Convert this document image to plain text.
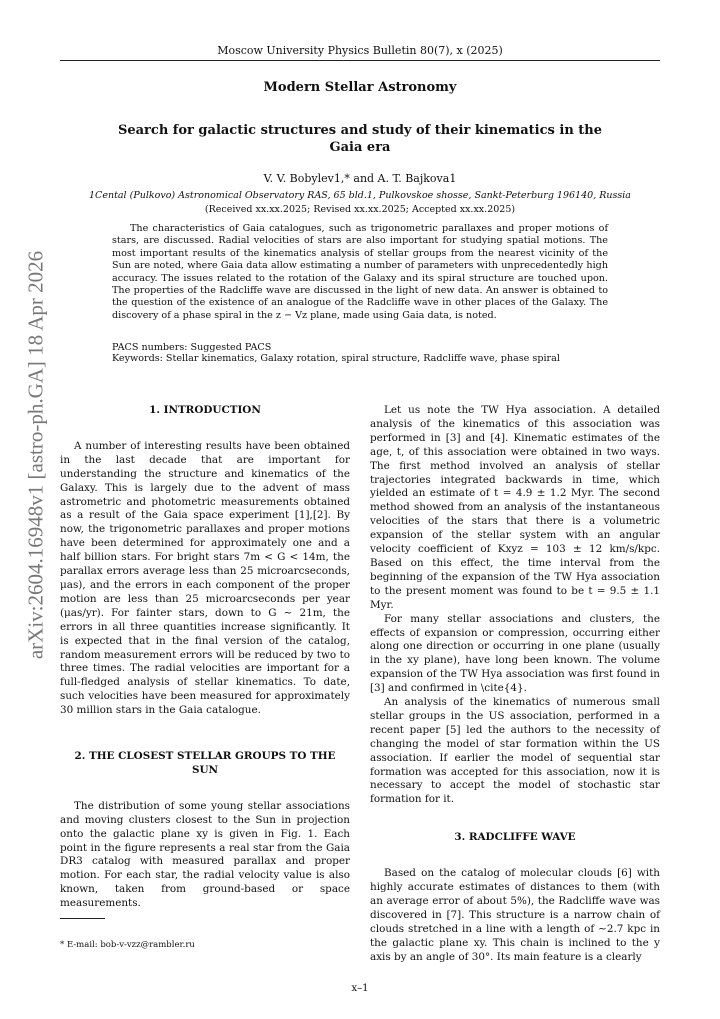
Moscow University Physics Bulletin 80(7), x (2025)
Modern Stellar Astronomy
Search for galactic structures and study of their kinematics in the Gaia era
V. V. Bobylev1,* and A. T. Bajkova1
1Cental (Pulkovo) Astronomical Observatory RAS, 65 bld.1, Pulkovskoe shosse, Sankt-Peterburg 196140, Russia
(Received xx.xx.2025; Revised xx.xx.2025; Accepted xx.xx.2025)
The characteristics of Gaia catalogues, such as trigonometric parallaxes and proper motions of stars, are discussed. Radial velocities of stars are also important for studying spatial motions. The most important results of the kinematics analysis of stellar groups from the nearest vicinity of the Sun are noted, where Gaia data allow estimating a number of parameters with unprecedentedly high accuracy. The issues related to the rotation of the Galaxy and its spiral structure are touched upon. The properties of the Radcliffe wave are discussed in the light of new data. An answer is obtained to the question of the existence of an analogue of the Radcliffe wave in other places of the Galaxy. The discovery of a phase spiral in the z − Vz plane, made using Gaia data, is noted.
PACS numbers: Suggested PACS
Keywords: Stellar kinematics, Galaxy rotation, spiral structure, Radcliffe wave, phase spiral
1. INTRODUCTION

A number of interesting results have been obtained in the last decade that are important for understanding the structure and kinematics of the Galaxy. This is largely due to the advent of mass astrometric and photometric measurements obtained as a result of the Gaia space experiment [1],[2]. By now, the trigonometric parallaxes and proper motions have been determined for approximately one and a half billion stars. For bright stars 7m < G < 14m, the parallax errors average less than 25 microarcseconds, μas), and the errors in each component of the proper motion are less than 25 microarcseconds per year (μas/yr). For fainter stars, down to G ∼ 21m, the errors in all three quantities increase significantly. It is expected that in the final version of the catalog, random measurement errors will be reduced by two to three times. The radial velocities are important for a full-fledged analysis of stellar kinematics. To date, such velocities have been measured for approximately 30 million stars in the Gaia catalogue.

2. THE CLOSEST STELLAR GROUPS TO THE SUN

The distribution of some young stellar associations and moving clusters closest to the Sun in projection onto the galactic plane xy is given in Fig. 1. Each point in the figure represents a real star from the Gaia DR3 catalog with measured parallax and proper motion. For each star, the radial velocity value is also known, taken from ground-based or space measurements.

Let us note the TW Hya association. A detailed analysis of the kinematics of this association was performed in [3] and [4]. Kinematic estimates of the age, t, of this association were obtained in two ways. The first method involved an analysis of stellar trajectories integrated backwards in time, which yielded an estimate of t = 4.9 ± 1.2 Myr. The second method showed from an analysis of the instantaneous velocities of the stars that there is a volumetric expansion of the stellar system with an angular velocity coefficient of Kxyz = 103 ± 12 km/s/kpc. Based on this effect, the time interval from the beginning of the expansion of the TW Hya association to the present moment was found to be t = 9.5 ± 1.1 Myr.

For many stellar associations and clusters, the effects of expansion or compression, occurring either along one direction or occurring in one plane (usually in the xy plane), have long been known. The volume expansion of the TW Hya association was first found in [3] and confirmed in \cite{4}.

An analysis of the kinematics of numerous small stellar groups in the US association, performed in a recent paper [5] led the authors to the necessity of changing the model of star formation within the US association. If earlier the model of sequential star formation was accepted for this association, now it is necessary to accept the model of stochastic star formation for it.

3. RADCLIFFE WAVE

Based on the catalog of molecular clouds [6] with highly accurate estimates of distances to them (with an average error of about 5%), the Radcliffe wave was discovered in [7]. This structure is a narrow chain of clouds stretched in a line with a length of ∼2.7 kpc in the galactic plane xy. This chain is inclined to the y axis by an angle of 30°. Its main feature is a clearly

* E-mail: bob-v-vzz@rambler.ru
x–1
arXiv:2604.16948v1 [astro-ph.GA] 18 Apr 2026
